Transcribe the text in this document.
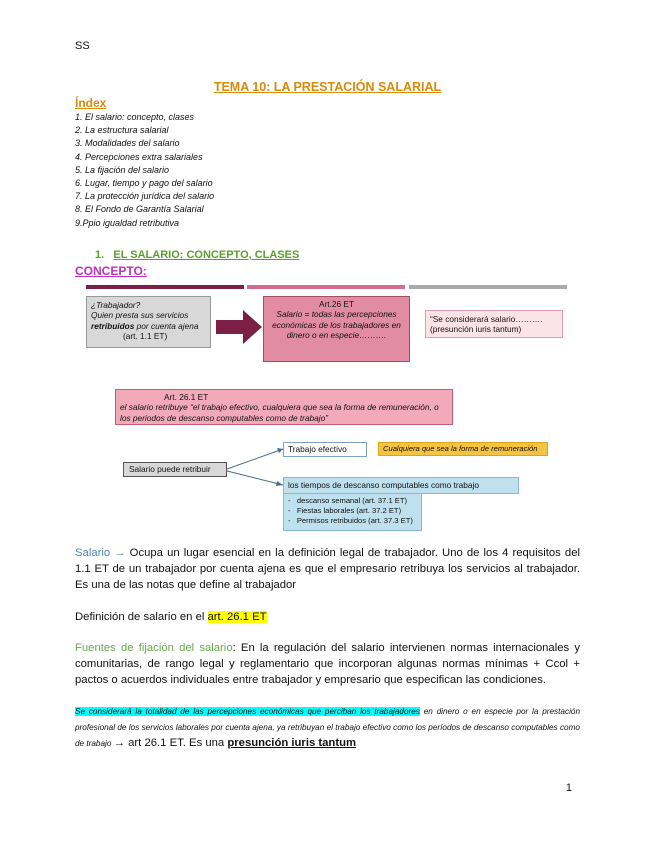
SS
TEMA 10: LA PRESTACIÓN SALARIAL
Índex
1. El salario: concepto, clases
2. La estructura salarial
3. Modalidades del salario
4. Percepciones extra salariales
5. La fijación del salario
6. Lugar, tiempo y pago del salario
7. La protección jurídica del salario
8. El Fondo de Garantía Salarial
9.Ppio igualdad retributiva
1. EL SALARIO: CONCEPTO, CLASES
CONCEPTO:
¿Trabajador?
Quien presta sus servicios
retribuidos por cuenta ajena
(art. 1.1 ET)
Art.26 ET
Salario = todas las percepciones económicas de los trabajadores en dinero o en especie……….
“Se considerará salario……….
(presunción iuris tantum)
Art. 26.1 ET
el salario retribuye “el trabajo efectivo, cualquiera que sea la forma de remuneración, o los periodos de descanso computables como de trabajo”
Salario puede retribuir
Trabajo efectivo	Cualquiera que sea la forma de remuneración
los tiempos de descanso computables como trabajo
-   descanso semanal (art. 37.1 ET)
-   Fiestas laborales (art. 37.2 ET)
-   Permisos retribuidos (art. 37.3 ET)
Salario → Ocupa un lugar esencial en la definición legal de trabajador. Uno de los 4 requisitos del 1.1 ET de un trabajador por cuenta ajena es que el empresario retribuya los servicios al trabajador. Es una de las notas que define al trabajador
Definición de salario en el art. 26.1 ET
Fuentes de fijación del salario: En la regulación del salario intervienen normas internacionales y comunitarias, de rango legal y reglamentario que incorporan algunas normas mínimas + Ccol + pactos o acuerdos individuales entre trabajador y empresario que especifican las condiciones.
Se considerará la totalidad de las percepciones económicas que perciban los trabajadores en dinero o en especie por la prestación profesional de los servicios laborales por cuenta ajena, ya retribuyan el trabajo efectivo como los períodos de descanso computables como de trabajo → art 26.1 ET. Es una presunción iuris tantum
1
